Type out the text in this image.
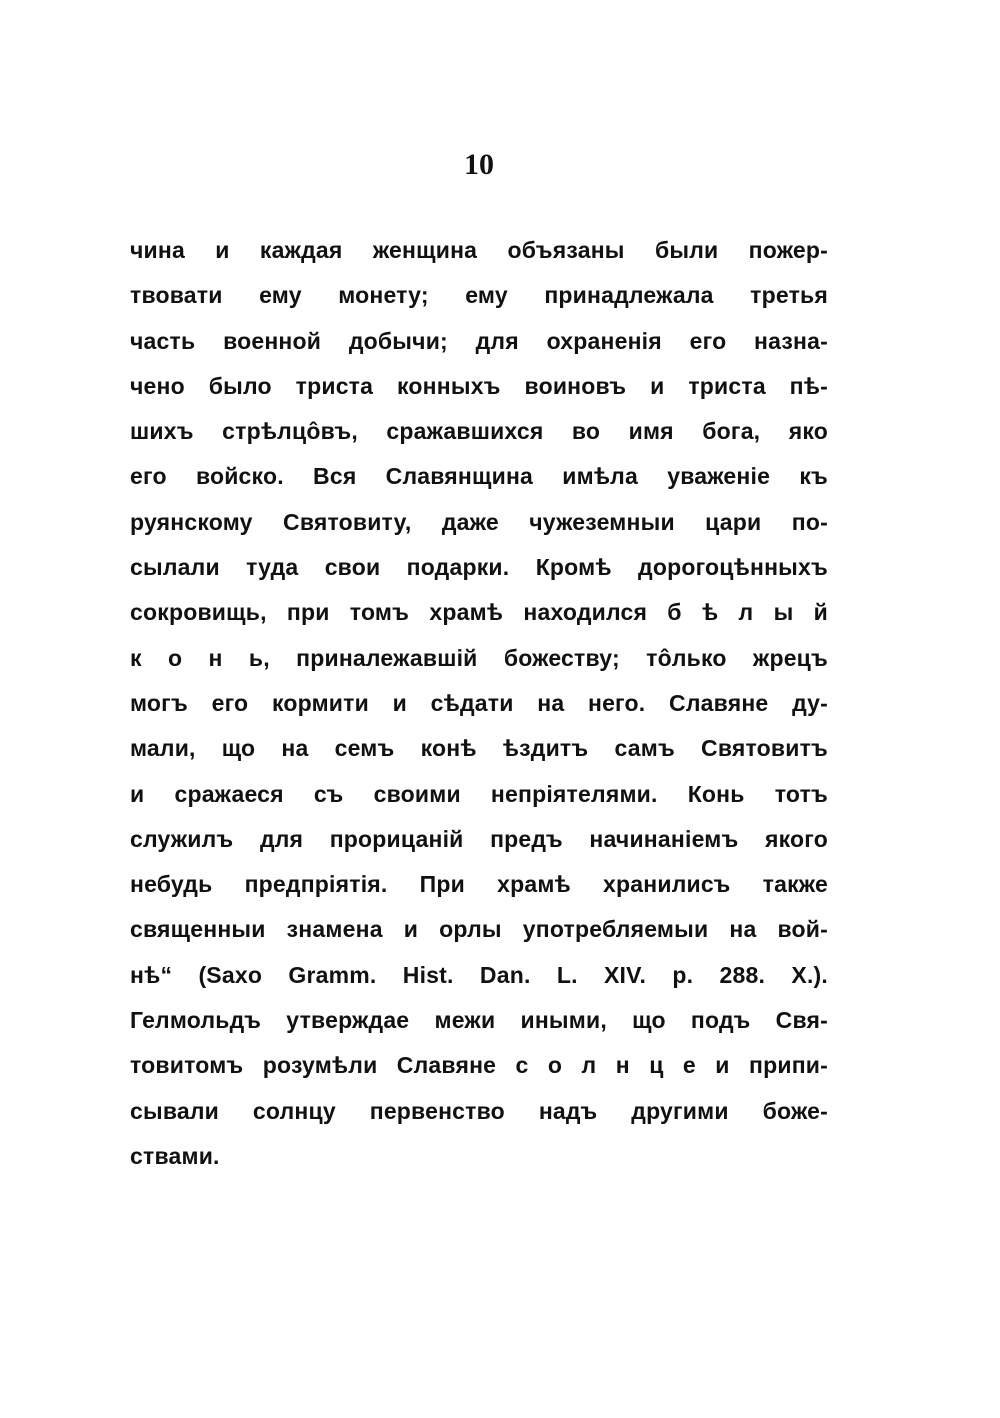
10
чина и каждая женщина объязаны были пожер-
твовати ему монету; ему принадлежала третья
часть военной добычи; для охраненія его назна-
чено было триста конныхъ воиновъ и триста пѣ-
шихъ стрѣлцôвъ, сражавшихся во имя бога, яко
его войско. Вся Славянщина имѣла уваженіе къ
руянскому Святовиту, даже чужеземныи цари по-
сылали туда свои подарки. Кромѣ дорогоцѣнныхъ
сокровищь, при томъ храмѣ находился б ѣ л ы й
к о н ь, приналежавшій божеству; тôлько жрецъ
могъ его кормити и сѣдати на него. Славяне ду-
мали, що на семъ конѣ ѣздитъ самъ Святовитъ
и сражаеся съ своими непріятелями. Конь тотъ
служилъ для прорицаній предъ начинаніемъ якого
небудь предпріятія. При храмѣ хранилисъ также
священныи знамена и орлы употребляемыи на вой-
нѣ“ (Saxo Gramm. Hist. Dan. L. XIV. p. 288. X.).
Гелмольдъ утверждае межи иными, що подъ Свя-
товитомъ розумѣли Славяне с о л н ц е и припи-
сывали солнцу первенство надъ другими боже-
ствами.
